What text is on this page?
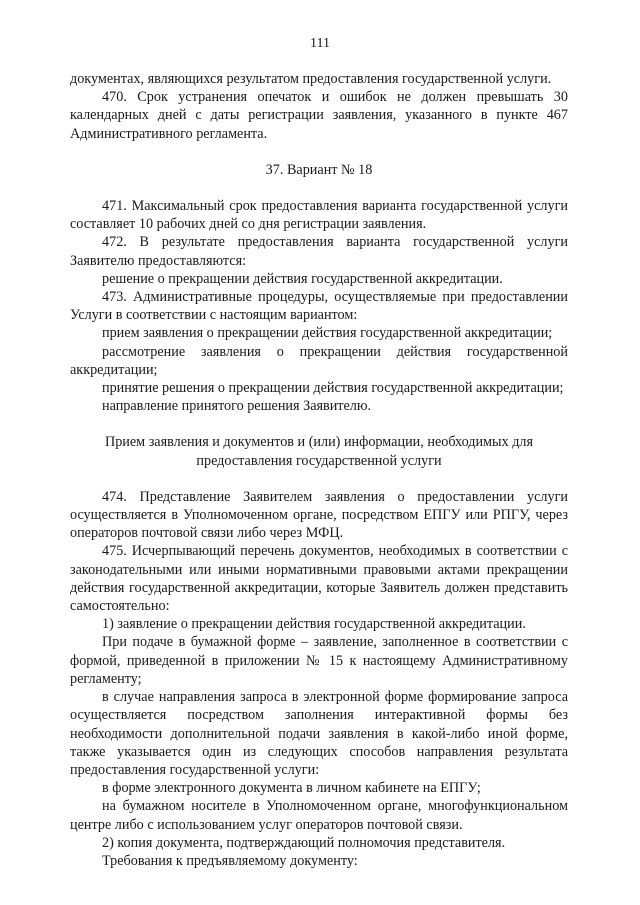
111

документах, являющихся результатом предоставления государственной услуги.

470. Срок устранения опечаток и ошибок не должен превышать 30 календарных дней с даты регистрации заявления, указанного в пункте 467 Административного регламента.

37. Вариант № 18

471. Максимальный срок предоставления варианта государственной услуги составляет 10 рабочих дней со дня регистрации заявления.

472. В результате предоставления варианта государственной услуги Заявителю предоставляются:

решение о прекращении действия государственной аккредитации.

473. Административные процедуры, осуществляемые при предоставлении Услуги в соответствии с настоящим вариантом:

прием заявления о прекращении действия государственной аккредитации;

рассмотрение заявления о прекращении действия государственной аккредитации;

принятие решения о прекращении действия государственной аккредитации;

направление принятого решения Заявителю.

Прием заявления и документов и (или) информации, необходимых для

предоставления государственной услуги

474. Представление Заявителем заявления о предоставлении услуги осуществляется в Уполномоченном органе, посредством ЕПГУ или РПГУ, через операторов почтовой связи либо через МФЦ.

475. Исчерпывающий перечень документов, необходимых в соответствии с законодательными или иными нормативными правовыми актами прекращении действия государственной аккредитации, которые Заявитель должен представить самостоятельно:

1) заявление о прекращении действия государственной аккредитации.

При подаче в бумажной форме – заявление, заполненное в соответствии с формой, приведенной в приложении № 15 к настоящему Административному регламенту;

в случае направления запроса в электронной форме формирование запроса осуществляется посредством заполнения интерактивной формы без необходимости дополнительной подачи заявления в какой-либо иной форме, также указывается один из следующих способов направления результата предоставления государственной услуги:

в форме электронного документа в личном кабинете на ЕПГУ;

на бумажном носителе в Уполномоченном органе, многофункциональном центре либо с использованием услуг операторов почтовой связи.

2) копия документа, подтверждающий полномочия представителя.

Требования к предъявляемому документу:
